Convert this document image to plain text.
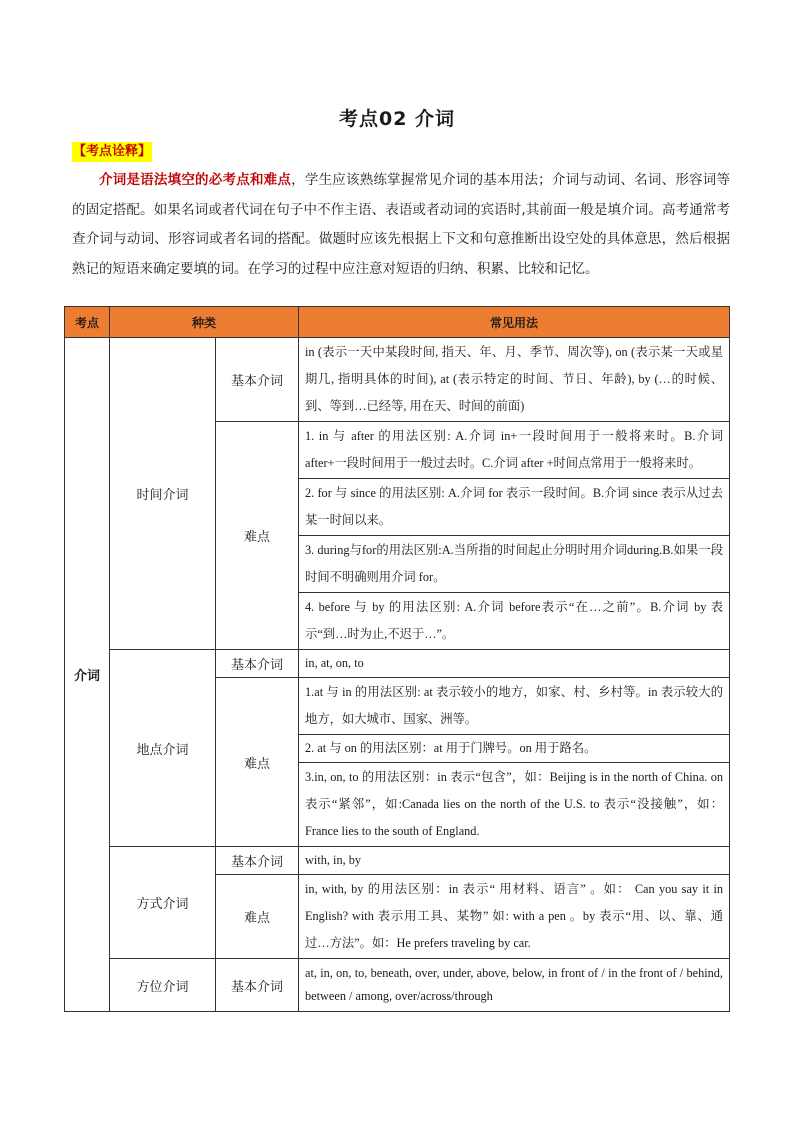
考点02 介词
【考点诠释】
介词是语法填空的必考点和难点，学生应该熟练掌握常见介词的基本用法；介词与动词、名词、形容词等的固定搭配。如果名词或者代词在句子中不作主语、表语或者动词的宾语时,其前面一般是填介词。高考通常考查介词与动词、形容词或者名词的搭配。做题时应该先根据上下文和句意推断出设空处的具体意思，然后根据熟记的短语来确定要填的词。在学习的过程中应注意对短语的归纳、积累、比较和记忆。
考点	种类		常见用法
介词	时间介词	基本介词	in (表示一天中某段时间, 指天、年、月、季节、周次等), on (表示某一天或星期几, 指明具体的时间), at (表示特定的时间、节日、年龄), by (…的时候、到、等到…已经等, 用在天、时间的前面)
		难点	1. in 与 after 的用法区别: A.介词 in+一段时间用于一般将来时。B.介词 after+一段时间用于一般过去时。C.介词 after +时间点常用于一般将来时。
			2. for 与 since 的用法区别: A.介词 for 表示一段时间。B.介词 since 表示从过去某一时间以来。
			3. during与for的用法区别:A.当所指的时间起止分明时用介词during.B.如果一段时间不明确则用介词 for。
			4. before 与 by 的用法区别: A.介词 before表示“在…之前”。B.介词 by 表示“到…时为止,不迟于…”。
	地点介词	基本介词	in, at, on, to
		难点	1.at 与 in 的用法区别: at 表示较小的地方，如家、村、乡村等。in 表示较大的地方，如大城市、国家、洲等。
			2. at 与 on 的用法区别：at 用于门牌号。on 用于路名。
			3.in, on, to 的用法区别：in 表示“包含”，如：Beijing is in the north of China. on 表示“紧邻”，如:Canada lies on the north of the U.S. to 表示“没接触”，如：France lies to the south of England.
	方式介词	基本介词	with, in, by
		难点	in, with, by 的用法区别：in 表示“ 用材料、语言” 。如： Can you say it in English? with 表示用工具、某物” 如: with a pen 。by 表示“用、以、靠、通过…方法”。如：He prefers traveling by car.
	方位介词	基本介词	at, in, on, to, beneath, over, under, above, below, in front of / in the front of / behind, between / among, over/across/through
